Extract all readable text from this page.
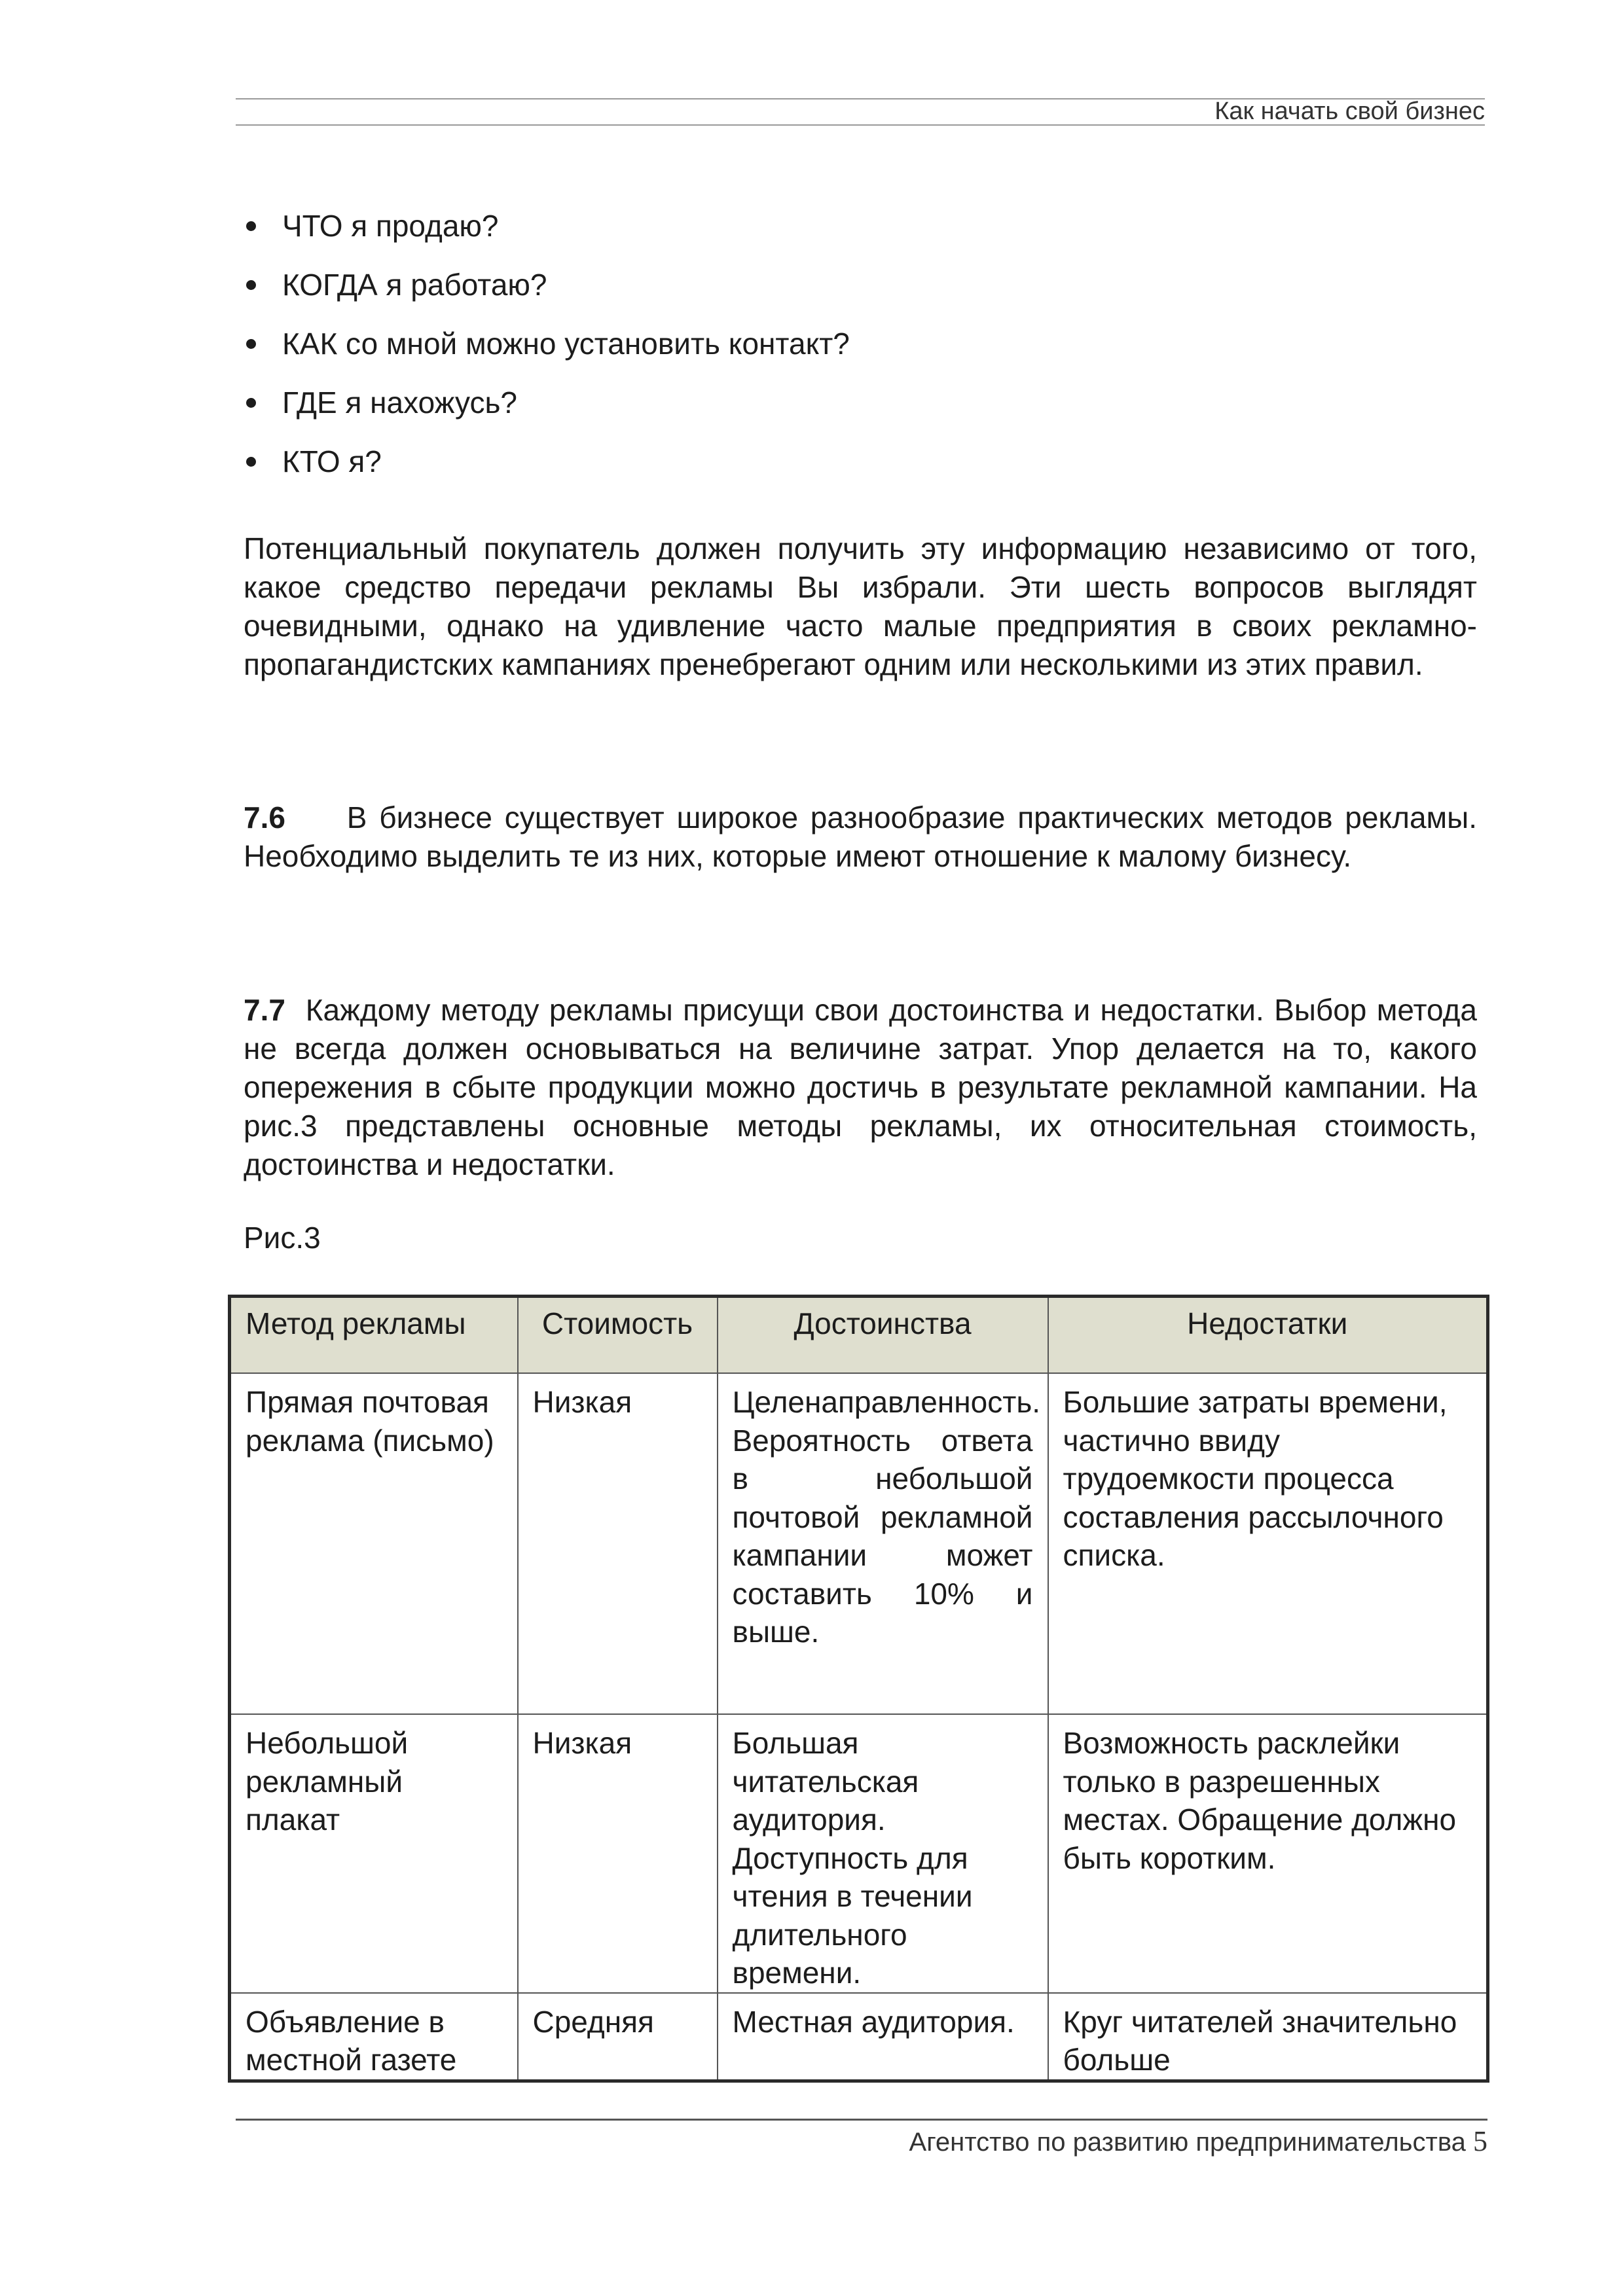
Как начать свой бизнес
ЧТО я продаю?
КОГДА я работаю?
КАК со мной можно установить контакт?
ГДЕ я нахожусь?
КТО я?

Потенциальный покупатель должен получить эту информацию независимо от того, какое средство передачи рекламы Вы избрали. Эти шесть вопросов выглядят очевидными, однако на удивление часто малые предприятия в своих рекламно-пропагандистских кампаниях пренебрегают одним или несколькими из этих правил.

7.6 В бизнесе существует широкое разнообразие практических методов рекламы. Необходимо выделить те из них, которые имеют отношение к малому бизнесу.

7.7 Каждому методу рекламы присущи свои достоинства и недостатки. Выбор метода не всегда должен основываться на величине затрат. Упор делается на то, какого опережения в сбыте продукции можно достичь в результате рекламной кампании. На рис.3 представлены основные методы рекламы, их относительная стоимость, достоинства и недостатки.

Рис.3

Метод рекламы	Стоимость	Достоинства	Недостатки
Прямая почтовая реклама (письмо)	Низкая	Целенаправленность. Вероятность ответа в небольшой почтовой рекламной кампании может составить 10% и выше.	Большие затраты времени, частично ввиду трудоемкости процесса составления рассылочного списка.
Небольшой рекламный плакат	Низкая	Большая читательская аудитория. Доступность для чтения в течении длительного времени.	Возможность расклейки только в разрешенных местах. Обращение должно быть коротким.
Объявление в местной газете	Средняя	Местная аудитория.	Круг читателей значительно больше
Агентство по развитию предпринимательства 5
